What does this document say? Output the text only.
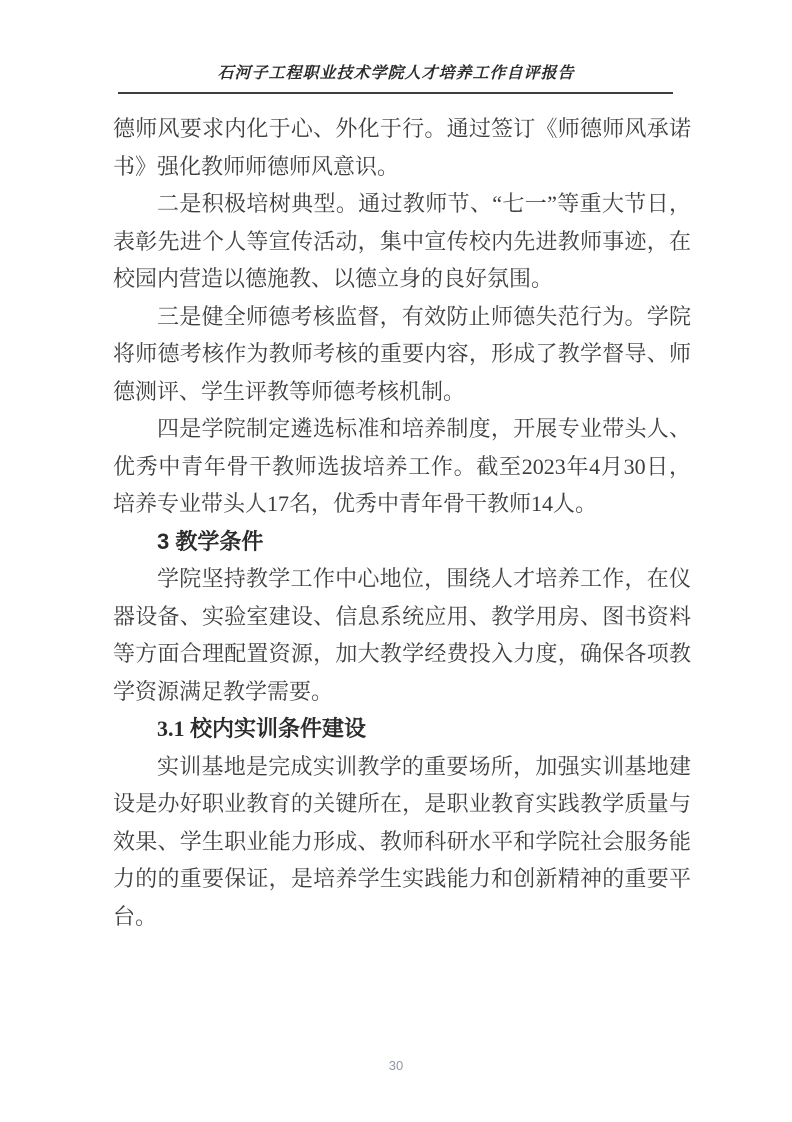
石河子工程职业技术学院人才培养工作自评报告

德师风要求内化于心、外化于行。通过签订《师德师风承诺书》强化教师师德师风意识。

二是积极培树典型。通过教师节、“七一”等重大节日，表彰先进个人等宣传活动，集中宣传校内先进教师事迹，在校园内营造以德施教、以德立身的良好氛围。

三是健全师德考核监督，有效防止师德失范行为。学院将师德考核作为教师考核的重要内容，形成了教学督导、师德测评、学生评教等师德考核机制。

四是学院制定遴选标准和培养制度，开展专业带头人、优秀中青年骨干教师选拔培养工作。截至2023年4月30日，培养专业带头人17名，优秀中青年骨干教师14人。

3 教学条件

学院坚持教学工作中心地位，围绕人才培养工作，在仪器设备、实验室建设、信息系统应用、教学用房、图书资料等方面合理配置资源，加大教学经费投入力度，确保各项教学资源满足教学需要。

3.1 校内实训条件建设

实训基地是完成实训教学的重要场所，加强实训基地建设是办好职业教育的关键所在，是职业教育实践教学质量与效果、学生职业能力形成、教师科研水平和学院社会服务能力的的重要保证，是培养学生实践能力和创新精神的重要平台。

30
